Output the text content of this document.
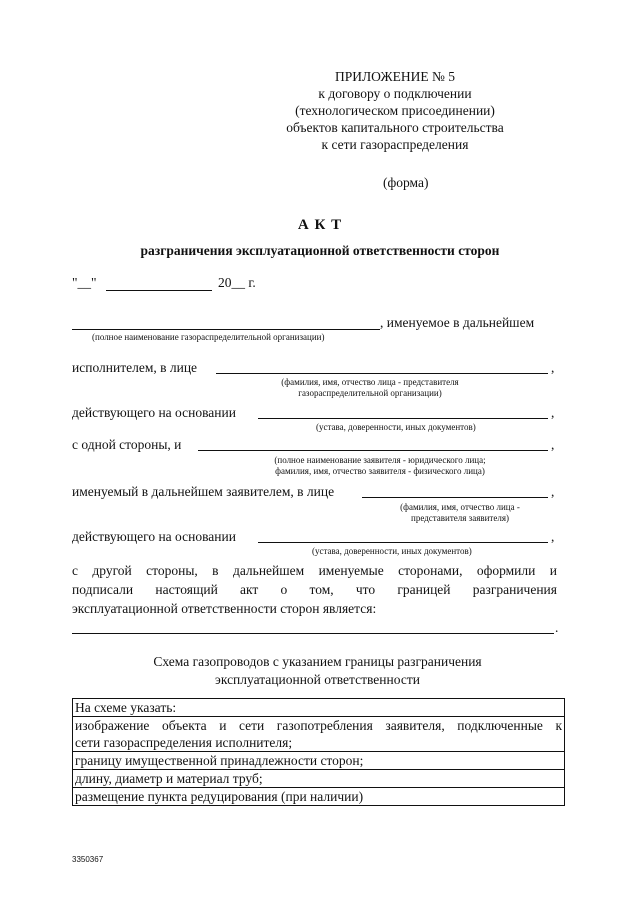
ПРИЛОЖЕНИЕ № 5
к договору о подключении
(технологическом присоединении)
объектов капитального строительства
к сети газораспределения
(форма)
А К Т
разграничения эксплуатационной ответственности сторон
"__"	20__ г.
, именуемое в дальнейшем
(полное наименование газораспределительной организации)
исполнителем, в лице	,
(фамилия, имя, отчество лица - представителя
газораспределительной организации)
действующего на основании	,
(устава, доверенности, иных документов)
с одной стороны, и	,
(полное наименование заявителя - юридического лица;
фамилия, имя, отчество заявителя - физического лица)
именуемый в дальнейшем заявителем, в лице	,
(фамилия, имя, отчество лица -
представителя заявителя)
действующего на основании	,
(устава, доверенности, иных документов)
с другой стороны, в дальнейшем именуемые сторонами, оформили и
подписали настоящий акт о том, что границей разграничения
эксплуатационной ответственности сторон является:
.
Схема газопроводов с указанием границы разграничения
эксплуатационной ответственности
На схеме указать:
изображение объекта и сети газопотребления заявителя, подключенные к
сети газораспределения исполнителя;
границу имущественной принадлежности сторон;
длину, диаметр и материал труб;
размещение пункта редуцирования (при наличии)
3350367
